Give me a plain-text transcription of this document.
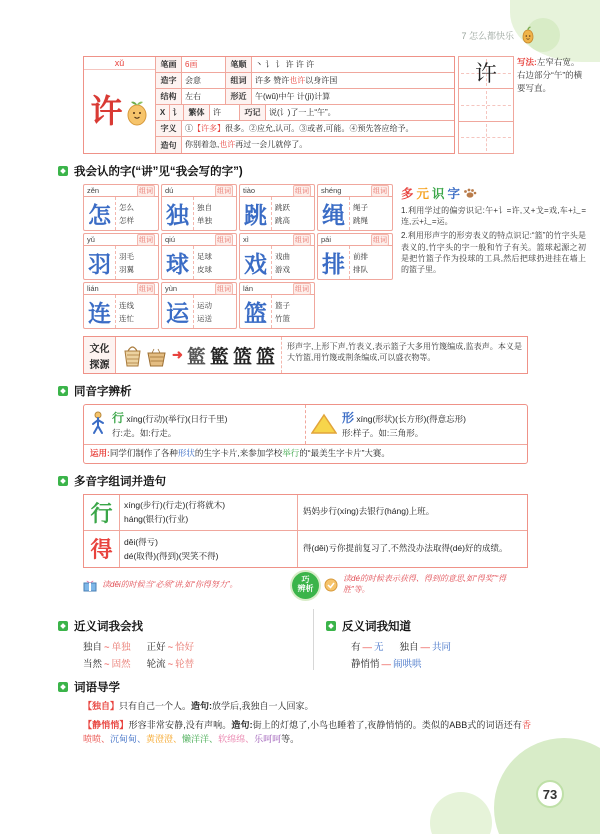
7 怎么都快乐
xǔ
许
笔画	6画	笔顺	丶 讠 讠 许 许 许
造字	会意	组词	许多 赞许 也许 以身许国
结构	左右	形近	午(wǔ)中午 计(jì)计算
X 讠	繁体	许	巧记	说(讠)了一上“午”。
字义	①【许多】很多。②应允,认可。③或者,可能。④预先答应给予。
造句	你别着急,也许再过一会儿就停了。
许 写法:左窄右宽。右边部分“午”的横要写直。
我会认的字(“讲”见“我会写的字”)
zěn	组词
怎	怎么
怎样
dú	组词
独	独自
单独
tiào	组词
跳	跳跃
跳高
shéng	组词
绳	绳子
跳绳
yǔ	组词
羽	羽毛
羽翼
qiú	组词
球	足球
皮球
xì	组词
戏	戏曲
游戏
pái	组词
排	前排
排队
lián	组词
连	连线
连忙
yùn	组词
运	运动
运送
lán	组词
篮	篮子
竹篮
多 元 识 字

1.利用学过的偏旁识记:午+讠=许,又+戈=戏,车+辶=连,云+辶=运。

2.利用形声字的形旁表义的特点识记:“篮”的竹字头是表义的,竹字头的字一般和竹子有关。篮球起源之初是把竹篮子作为投球的工具,然后把球扔进挂在墙上的篮子里。

文化
探源
➜ 籃 籃 篮 篮	形声字,上形下声,竹表义,表示篮子大多用竹篾编成,监表声。本义是大竹篮,用竹篾或荆条编成,可以盛衣物等。
同音字辨析
行 xíng(行动)(举行)(日行千里)
行:走。如:行走。
形 xíng(形状)(长方形)(得意忘形)
形:样子。如:三角形。
运用:同学们制作了各种形状的生字卡片,来参加学校举行的“最美生字卡片”大赛。
多音字组词并造句
行	xíng(步行)(行走)(行将就木)
háng(银行)(行业)
妈妈步行(xíng)去银行(háng)上班。
得	děi(得亏)
dé(取得)(得到)(哭笑不得)
得(děi)亏你提前复习了,不然没办法取得(dé)好的成绩。
读děi的时候当“必须”讲,如“你得努力”。	巧
辨析
读dé的时候表示获得、得到的意思,如“得奖”“得胜”等。
近义词我会找
独自 ~ 单独 正好 ~ 恰好
当然 ~ 固然 轮流 ~ 轮替
反义词我知道
有 — 无 独自 — 共同
静悄悄 — 闹哄哄
词语导学
【独自】只有自己一个人。造句:放学后,我独自一人回家。
【静悄悄】形容非常安静,没有声响。造句:街上的灯熄了,小鸟也睡着了,夜静悄悄的。类似的ABB式的词语还有香喷喷、沉甸甸、黄澄澄、懒洋洋、软绵绵、乐呵呵等。
73
